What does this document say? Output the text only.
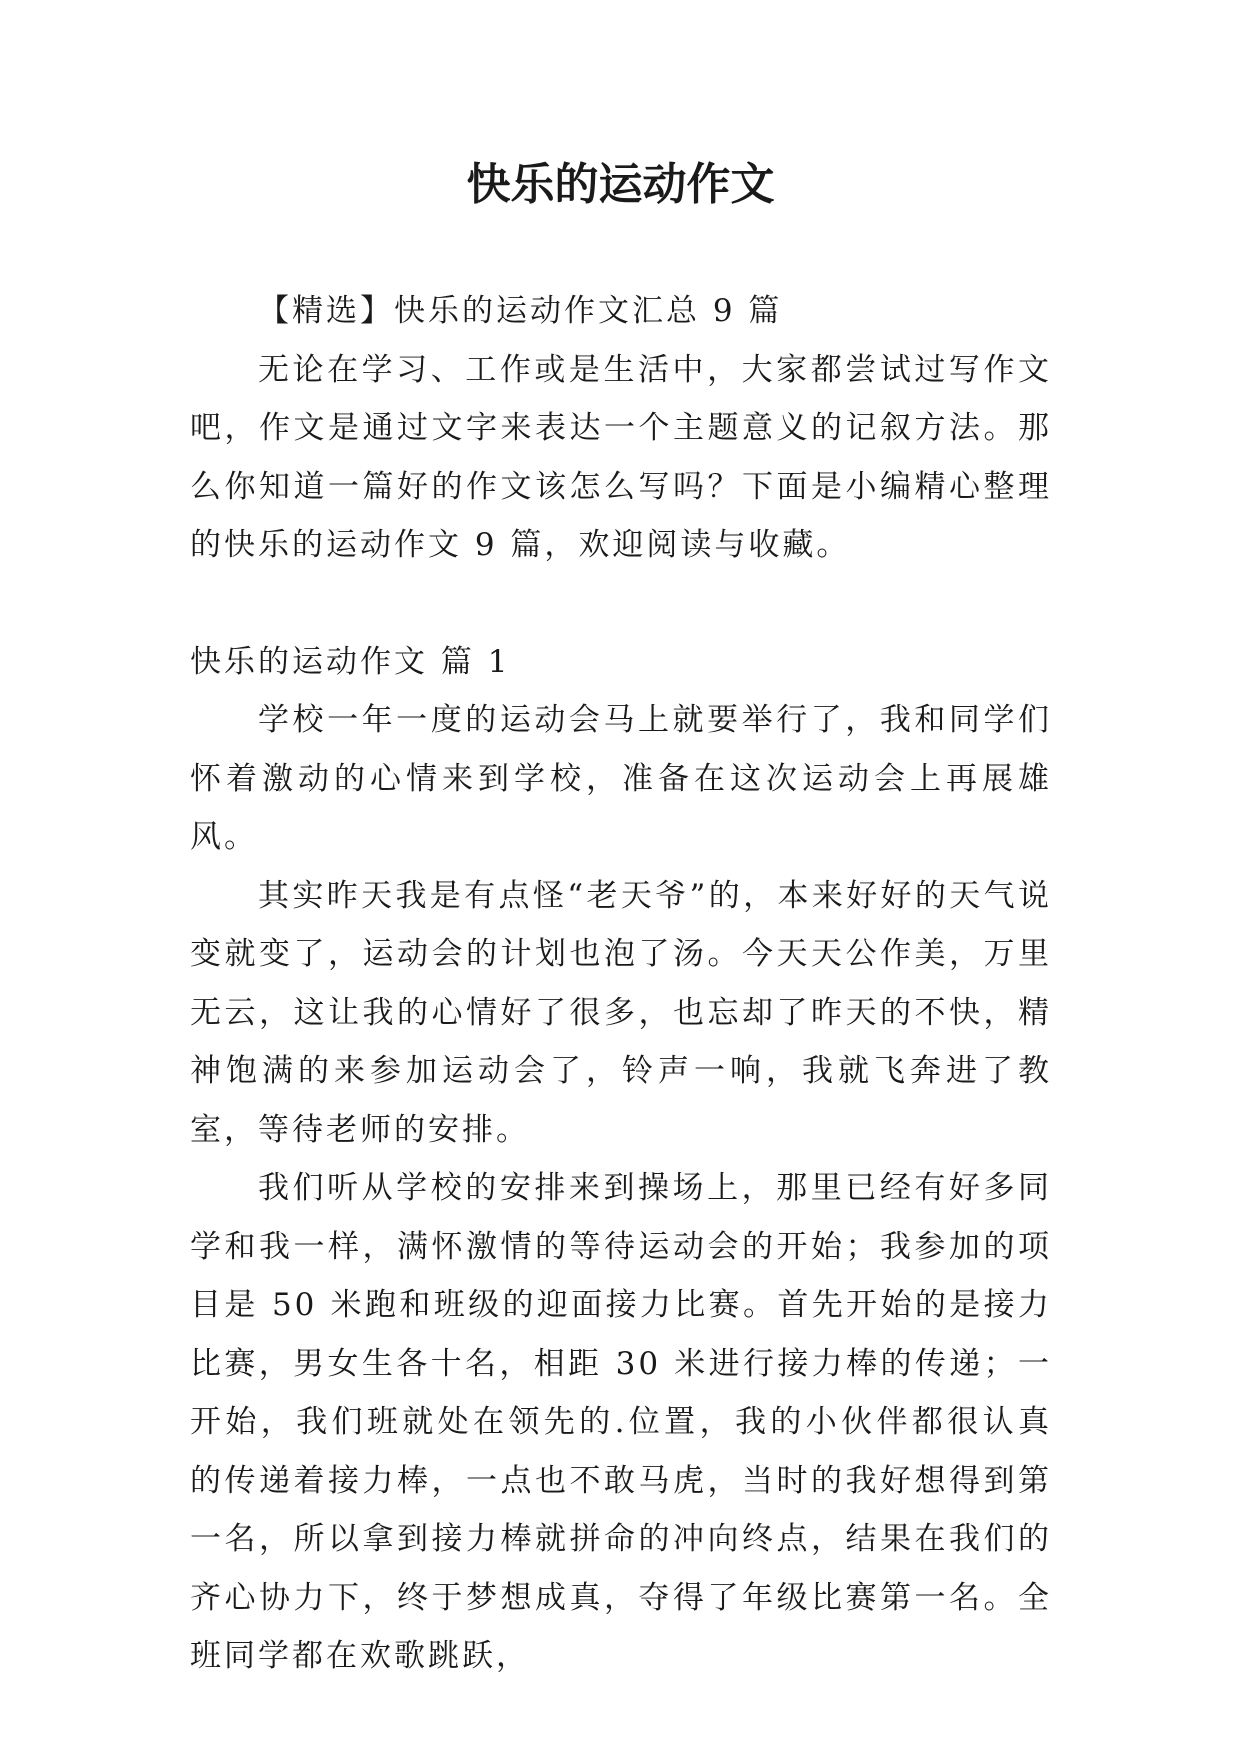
快乐的运动作文

【精选】快乐的运动作文汇总 9 篇

无论在学习、工作或是生活中，大家都尝试过写作文吧，作文是通过文字来表达一个主题意义的记叙方法。那么你知道一篇好的作文该怎么写吗？下面是小编精心整理的快乐的运动作文 9 篇，欢迎阅读与收藏。

快乐的运动作文 篇 1

学校一年一度的运动会马上就要举行了，我和同学们怀着激动的心情来到学校，准备在这次运动会上再展雄风。

其实昨天我是有点怪“老天爷”的，本来好好的天气说变就变了，运动会的计划也泡了汤。今天天公作美，万里无云，这让我的心情好了很多，也忘却了昨天的不快，精神饱满的来参加运动会了，铃声一响，我就飞奔进了教室，等待老师的安排。

我们听从学校的安排来到操场上，那里已经有好多同学和我一样，满怀激情的等待运动会的开始；我参加的项目是 50 米跑和班级的迎面接力比赛。首先开始的是接力比赛，男女生各十名，相距 30 米进行接力棒的传递；一开始，我们班就处在领先的.位置，我的小伙伴都很认真的传递着接力棒，一点也不敢马虎，当时的我好想得到第一名，所以拿到接力棒就拼命的冲向终点，结果在我们的齐心协力下，终于梦想成真，夺得了年级比赛第一名。全班同学都在欢歌跳跃，
